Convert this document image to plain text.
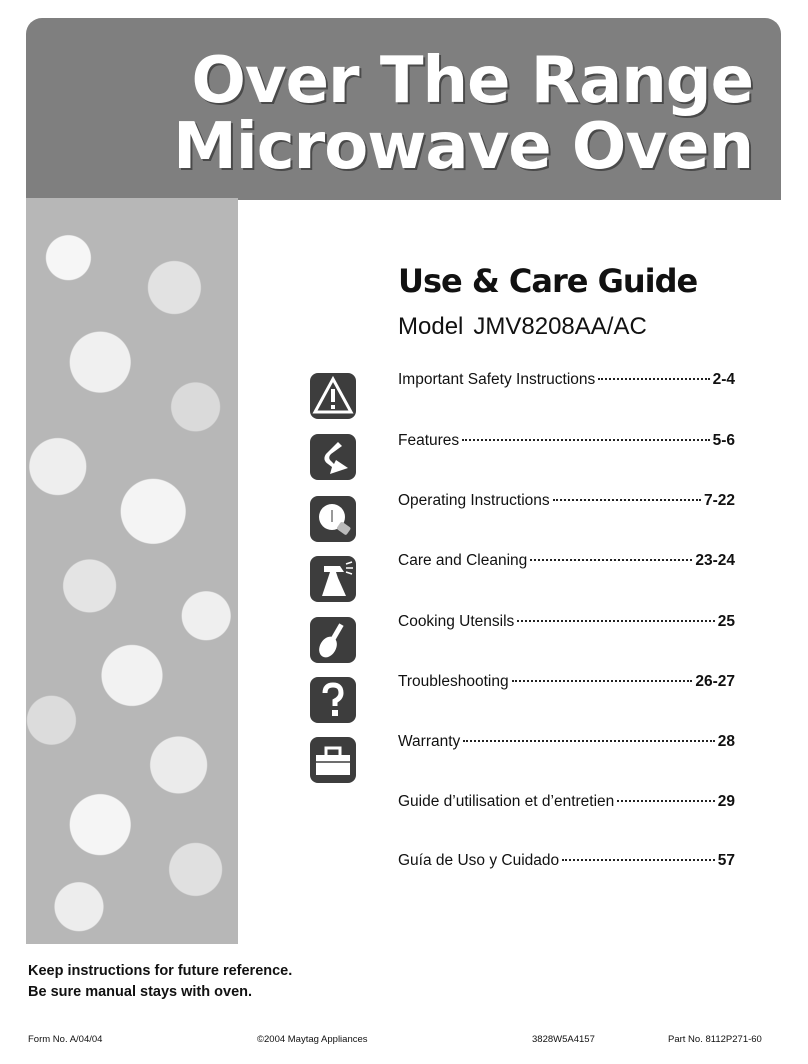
Over The Range
Microwave Oven
Use & Care Guide
Model JMV8208AA/AC
Important Safety Instructions	2-4
Features	5-6
Operating Instructions	7-22
Care and Cleaning	23-24
Cooking Utensils	25
Troubleshooting	26-27
Warranty	28
Guide d’utilisation et d’entretien	29
Guía de Uso y Cuidado	57
Keep instructions for future reference.
Be sure manual stays with oven.
Form No. A/04/04	©2004 Maytag Appliances	3828W5A4157	Part No. 8112P271-60
